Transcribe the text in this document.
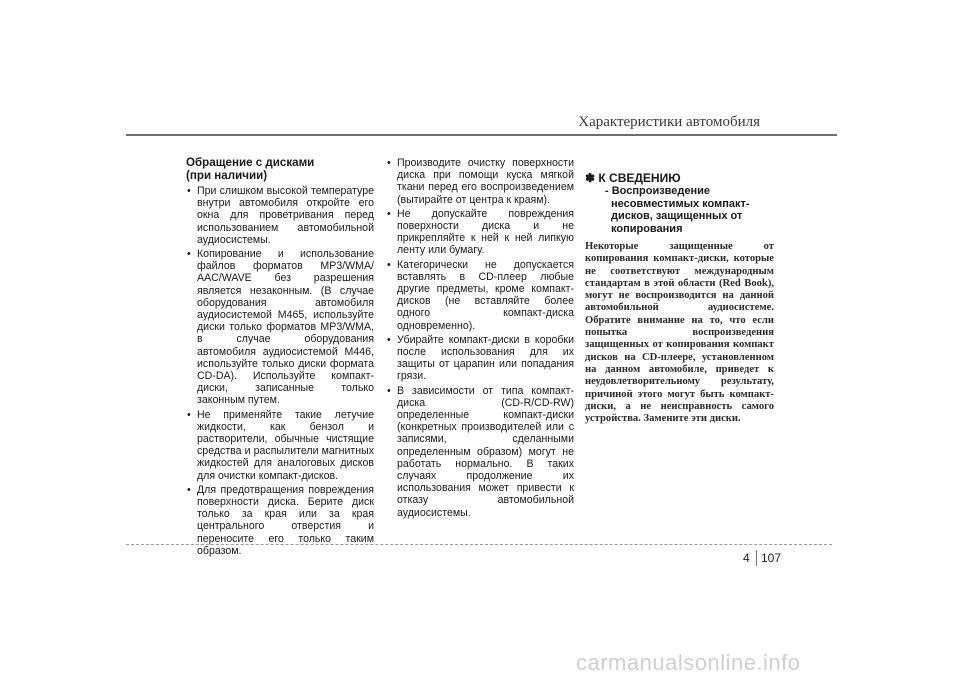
Характеристики автомобиля
Обращение с дисками
(при наличии)
• При слишком высокой температуре внутри автомобиля откройте его окна для проветривания перед использованием автомобильной аудиосистемы.
• Копирование и использование файлов форматов MP3/WMA/ AAC/WAVE без разрешения является незаконным. (В случае оборудования автомобиля аудиосистемой M465, используйте диски только форматов MP3/WMA, в случае оборудования автомобиля аудиосистемой M446, используйте только диски формата CD-DA). Используйте компакт-диски, записанные только законным путем.
• Не применяйте такие летучие жидкости, как бензол и растворители, обычные чистящие средства и распылители магнитных жидкостей для аналоговых дисков для очистки компакт-дисков.
• Для предотвращения повреждения поверхности диска. Берите диск только за края или за края центрального отверстия и переносите его только таким образом.
• Производите очистку поверхности диска при помощи куска мягкой ткани перед его воспроизведением (вытирайте от центра к краям).
• Не допускайте повреждения поверхности диска и не прикрепляйте к ней к ней липкую ленту или бумагу.
• Категорически не допускается вставлять в CD-плеер любые другие предметы, кроме компакт-дисков (не вставляйте более одного компакт-диска одновременно).
• Убирайте компакт-диски в коробки после использования для их защиты от царапин или попадания грязи.
• В зависимости от типа компакт-диска (CD-R/CD-RW) определенные компакт-диски (конкретных производителей или с записями, сделанными определенным образом) могут не работать нормально. В таких случаях продолжение их использования может привести к отказу автомобильной аудиосистемы.
✽ К СВЕДЕНИЮ
- Воспроизведение несовместимых компакт-дисков, защищенных от копирования
Некоторые защищенные от копирования компакт-диски, которые не соответствуют международным стандартам в этой области (Red Book), могут не воспроизводится на данной автомобильной аудиосистеме. Обратите внимание на то, что если попытка воспроизведения защищенных от копирования компакт дисков на CD-плеере, установленном на данном автомобиле, приведет к неудовлетворительному результату, причиной этого могут быть компакт-диски, а не неисправность самого устройства. Замените эти диски.
4 107
carmanualsonline.info
